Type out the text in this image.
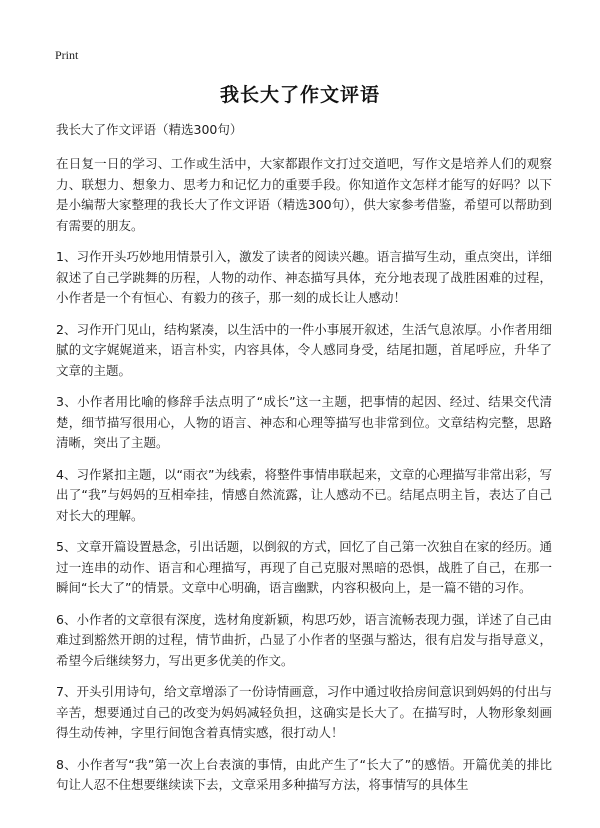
Print
我长大了作文评语

我长大了作文评语（精选300句）

在日复一日的学习、工作或生活中，大家都跟作文打过交道吧，写作文是培养人们的观察力、联想力、想象力、思考力和记忆力的重要手段。你知道作文怎样才能写的好吗？以下是小编帮大家整理的我长大了作文评语（精选300句），供大家参考借鉴，希望可以帮助到有需要的朋友。

1、习作开头巧妙地用情景引入，激发了读者的阅读兴趣。语言描写生动，重点突出，详细叙述了自己学跳舞的历程，人物的动作、神态描写具体，充分地表现了战胜困难的过程，小作者是一个有恒心、有毅力的孩子，那一刻的成长让人感动！

2、习作开门见山，结构紧凑，以生活中的一件小事展开叙述，生活气息浓厚。小作者用细腻的文字娓娓道来，语言朴实，内容具体，令人感同身受，结尾扣题，首尾呼应，升华了文章的主题。

3、小作者用比喻的修辞手法点明了“成长”这一主题，把事情的起因、经过、结果交代清楚，细节描写很用心，人物的语言、神态和心理等描写也非常到位。文章结构完整，思路清晰，突出了主题。

4、习作紧扣主题，以“雨衣”为线索，将整件事情串联起来，文章的心理描写非常出彩，写出了“我”与妈妈的互相牵挂，情感自然流露，让人感动不已。结尾点明主旨，表达了自己对长大的理解。

5、文章开篇设置悬念，引出话题，以倒叙的方式，回忆了自己第一次独自在家的经历。通过一连串的动作、语言和心理描写，再现了自己克服对黑暗的恐惧，战胜了自己，在那一瞬间“长大了”的情景。文章中心明确，语言幽默，内容积极向上，是一篇不错的习作。

6、小作者的文章很有深度，选材角度新颖，构思巧妙，语言流畅表现力强，详述了自己由难过到豁然开朗的过程，情节曲折，凸显了小作者的坚强与豁达，很有启发与指导意义，希望今后继续努力，写出更多优美的作文。

7、开头引用诗句，给文章增添了一份诗情画意，习作中通过收拾房间意识到妈妈的付出与辛苦，想要通过自己的改变为妈妈减轻负担，这确实是长大了。在描写时，人物形象刻画得生动传神，字里行间饱含着真情实感，很打动人！

8、小作者写“我”第一次上台表演的事情，由此产生了“长大了”的感悟。开篇优美的排比句让人忍不住想要继续读下去，文章采用多种描写方法，将事情写的具体生
